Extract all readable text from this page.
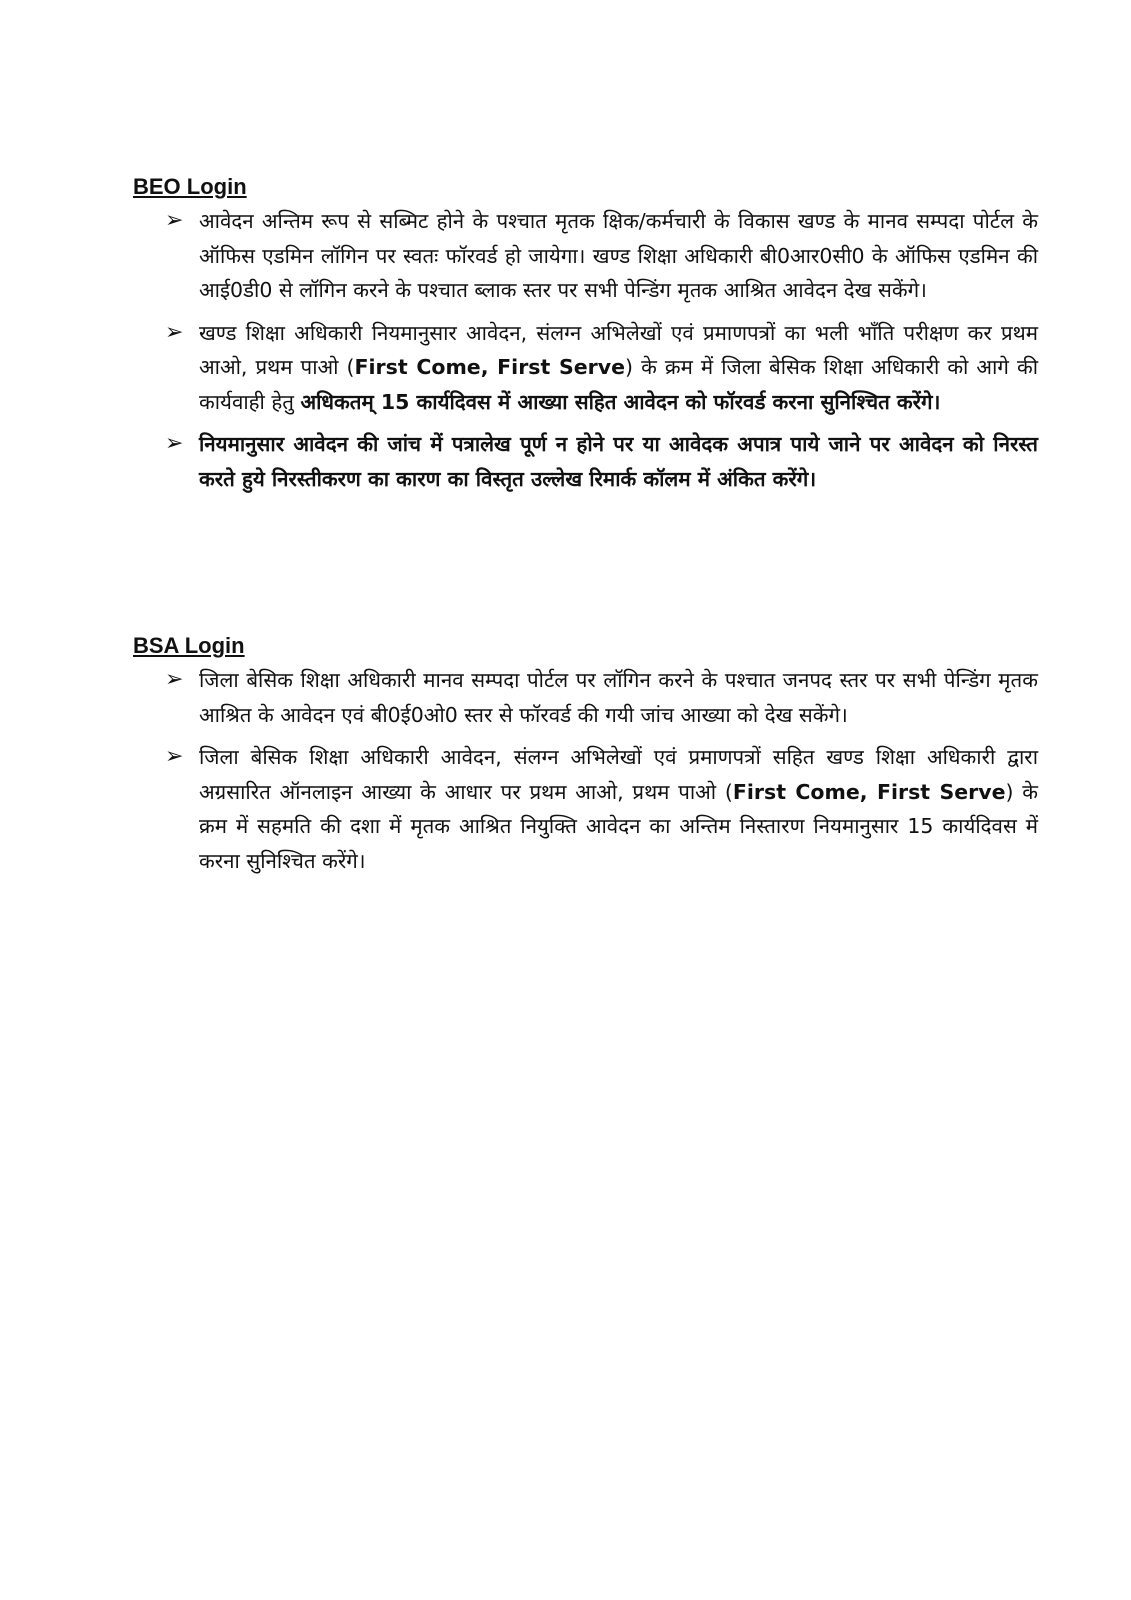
BEO Login
➢ आवेदन अन्तिम रूप से सब्मिट होने के पश्चात मृतक क्षिक/कर्मचारी के विकास खण्ड के मानव सम्पदा पोर्टल के ऑफिस एडमिन लॉगिन पर स्वतः फॉरवर्ड हो जायेगा। खण्ड शिक्षा अधिकारी बी0आर0सी0 के ऑफिस एडमिन की आई0डी0 से लॉगिन करने के पश्चात ब्लाक स्तर पर सभी पेन्डिंग मृतक आश्रित आवेदन देख सकेंगे।
➢ खण्ड शिक्षा अधिकारी नियमानुसार आवेदन, संलग्न अभिलेखों एवं प्रमाणपत्रों का भली भाँति परीक्षण कर प्रथम आओ, प्रथम पाओ (First Come, First Serve) के क्रम में जिला बेसिक शिक्षा अधिकारी को आगे की कार्यवाही हेतु अधिकतम् 15 कार्यदिवस में आख्या सहित आवेदन को फॉरवर्ड करना सुनिश्चित करेंगे।
➢ नियमानुसार आवेदन की जांच में पत्रालेख पूर्ण न होने पर या आवेदक अपात्र पाये जाने पर आवेदन को निरस्त करते हुये निरस्तीकरण का कारण का विस्तृत उल्लेख रिमार्क कॉलम में अंकित करेंगे।
BSA Login
➢ जिला बेसिक शिक्षा अधिकारी मानव सम्पदा पोर्टल पर लॉगिन करने के पश्चात जनपद स्तर पर सभी पेन्डिंग मृतक आश्रित के आवेदन एवं बी0ई0ओ0 स्तर से फॉरवर्ड की गयी जांच आख्या को देख सकेंगे।
➢ जिला बेसिक शिक्षा अधिकारी आवेदन, संलग्न अभिलेखों एवं प्रमाणपत्रों सहित खण्ड शिक्षा अधिकारी द्वारा अग्रसारित ऑनलाइन आख्या के आधार पर प्रथम आओ, प्रथम पाओ (First Come, First Serve) के क्रम में सहमति की दशा में मृतक आश्रित नियुक्ति आवेदन का अन्तिम निस्तारण नियमानुसार 15 कार्यदिवस में करना सुनिश्चित करेंगे।
